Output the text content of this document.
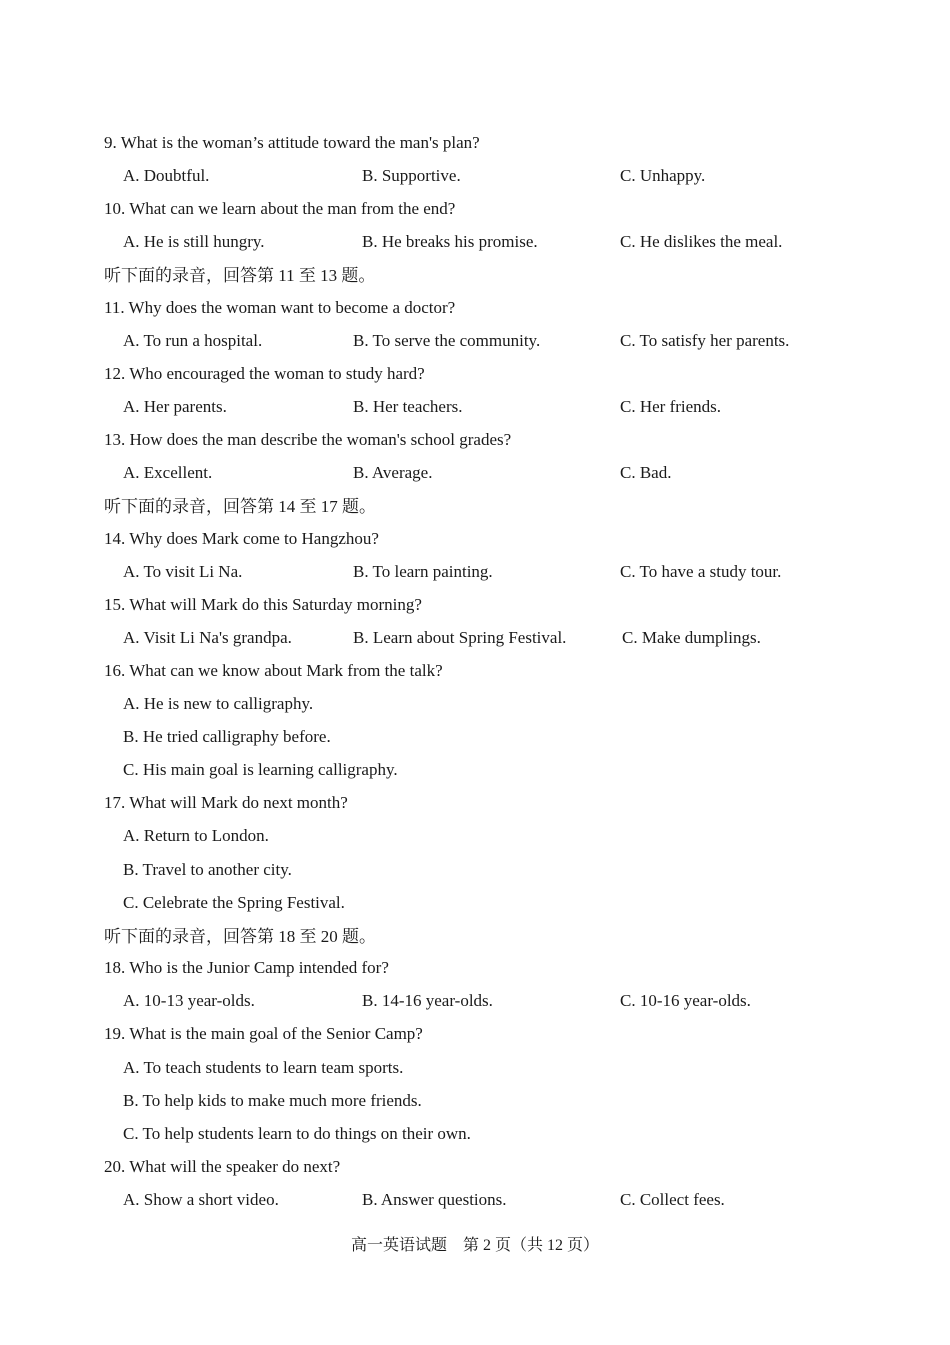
9. What is the woman’s attitude toward the man's plan?
A. Doubtful.	B. Supportive.	C. Unhappy.
10. What can we learn about the man from the end?
A. He is still hungry.	B. He breaks his promise.	C. He dislikes the meal.
听下面的录音，回答第 11 至 13 题。
11. Why does the woman want to become a doctor?
A. To run a hospital.	B. To serve the community.	C. To satisfy her parents.
12. Who encouraged the woman to study hard?
A. Her parents.	B. Her teachers.	C. Her friends.
13. How does the man describe the woman's school grades?
A. Excellent.	B. Average.	C. Bad.
听下面的录音，回答第 14 至 17 题。
14. Why does Mark come to Hangzhou?
A. To visit Li Na.	B. To learn painting.	C. To have a study tour.
15. What will Mark do this Saturday morning?
A. Visit Li Na's grandpa.	B. Learn about Spring Festival.	C. Make dumplings.
16. What can we know about Mark from the talk?
A. He is new to calligraphy.
B. He tried calligraphy before.
C. His main goal is learning calligraphy.
17. What will Mark do next month?
A. Return to London.
B. Travel to another city.
C. Celebrate the Spring Festival.
听下面的录音，回答第 18 至 20 题。
18. Who is the Junior Camp intended for?
A. 10-13 year-olds.	B. 14-16 year-olds.	C. 10-16 year-olds.
19. What is the main goal of the Senior Camp?
A. To teach students to learn team sports.
B. To help kids to make much more friends.
C. To help students learn to do things on their own.
20. What will the speaker do next?
A. Show a short video.	B. Answer questions.	C. Collect fees.
高一英语试题　第 2 页（共 12 页）
